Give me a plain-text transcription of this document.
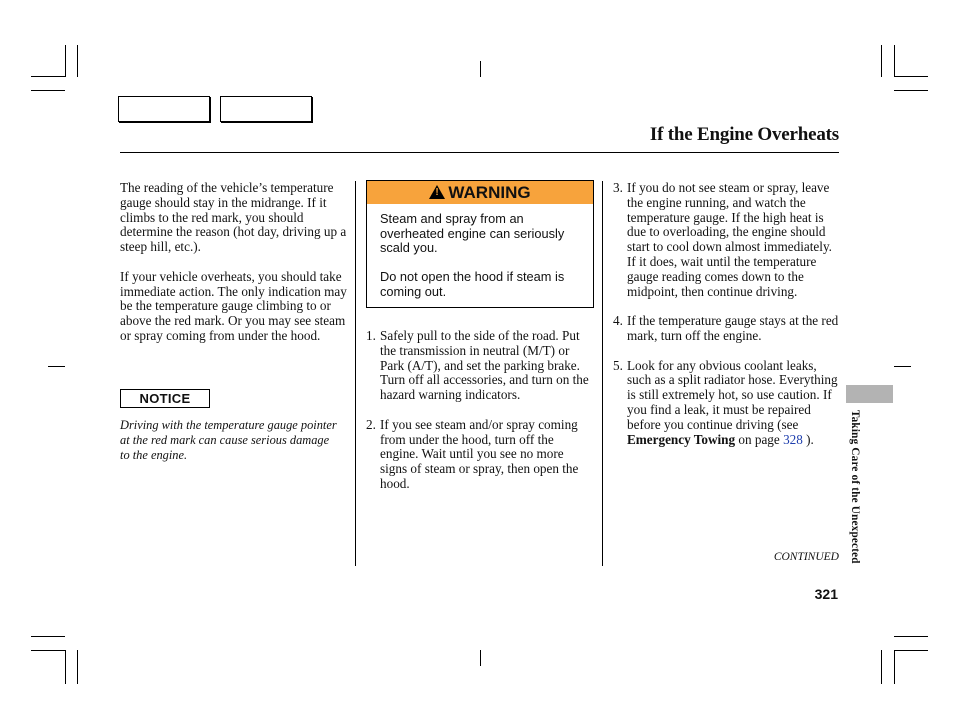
If the Engine Overheats

The reading of the vehicle’s temperature gauge should stay in the midrange. If it climbs to the red mark, you should determine the reason (hot day, driving up a steep hill, etc.).

If your vehicle overheats, you should take immediate action. The only indication may be the temperature gauge climbing to or above the red mark. Or you may see steam or spray coming from under the hood.

NOTICE
Driving with the temperature gauge pointer at the red mark can cause serious damage to the engine.
! WARNING

Steam and spray from an overheated engine can seriously scald you.

Do not open the hood if steam is coming out.

1. Safely pull to the side of the road. Put the transmission in neutral (M/T) or Park (A/T), and set the parking brake. Turn off all accessories, and turn on the hazard warning indicators.
2. If you see steam and/or spray coming from under the hood, turn off the engine. Wait until you see no more signs of steam or spray, then open the hood.
3. If you do not see steam or spray, leave the engine running, and watch the temperature gauge. If the high heat is due to overloading, the engine should start to cool down almost immediately. If it does, wait until the temperature gauge reading comes down to the midpoint, then continue driving.
4. If the temperature gauge stays at the red mark, turn off the engine.
5. Look for any obvious coolant leaks, such as a split radiator hose. Everything is still extremely hot, so use caution. If you find a leak, it must be repaired before you continue driving (see Emergency Towing on page 328 ).
CONTINUED
321
Taking Care of the Unexpected
